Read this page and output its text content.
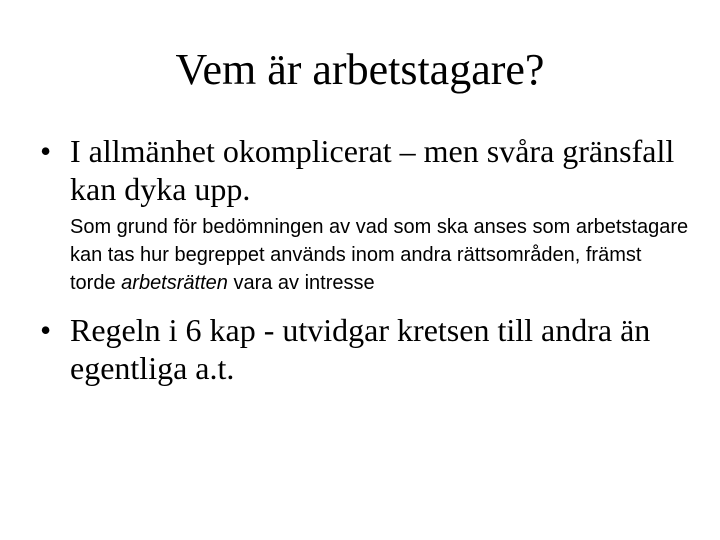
Vem är arbetstagare?
• I allmänhet okomplicerat – men svåra gränsfall kan dyka upp.
Som grund för bedömningen av vad som ska anses som arbetstagare kan tas hur begreppet används inom andra rättsområden, främst torde arbetsrätten vara av intresse
• Regeln i 6 kap - utvidgar kretsen till andra än egentliga a.t.
